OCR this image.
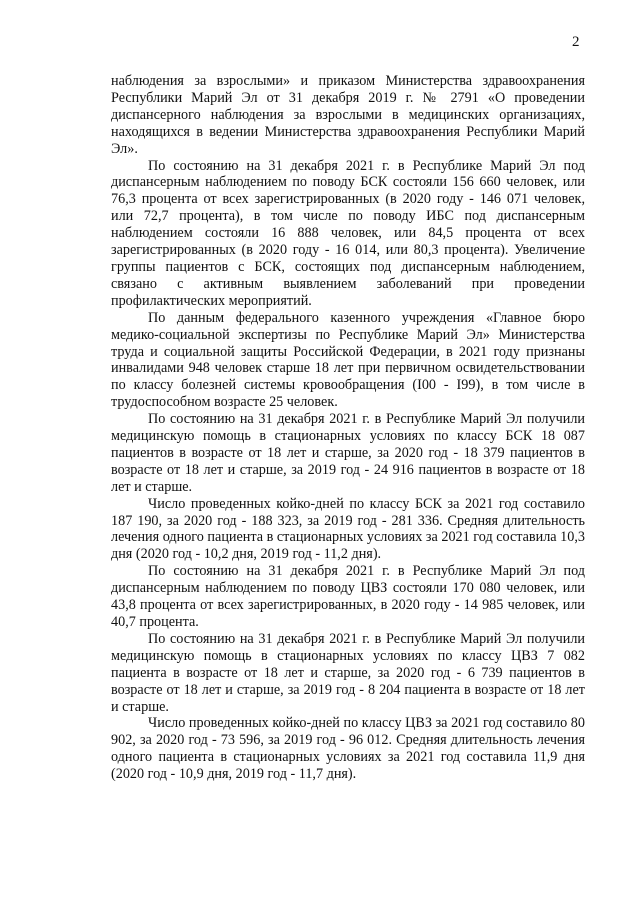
2

наблюдения за взрослыми» и приказом Министерства здравоохранения Республики Марий Эл от 31 декабря 2019 г. № 2791 «О проведении диспансерного наблюдения за взрослыми в медицинских организациях, находящихся в ведении Министерства здравоохранения Республики Марий Эл».

По состоянию на 31 декабря 2021 г. в Республике Марий Эл под диспансерным наблюдением по поводу БСК состояли 156 660 человек, или 76,3 процента от всех зарегистрированных (в 2020 году - 146 071 человек, или 72,7 процента), в том числе по поводу ИБС под диспансерным наблюдением состояли 16 888 человек, или 84,5 процента от всех зарегистрированных (в 2020 году - 16 014, или 80,3 процента). Увеличение группы пациентов с БСК, состоящих под диспансерным наблюдением, связано с активным выявлением заболеваний при проведении профилактических мероприятий.

По данным федерального казенного учреждения «Главное бюро медико-социальной экспертизы по Республике Марий Эл» Министерства труда и социальной защиты Российской Федерации, в 2021 году признаны инвалидами 948 человек старше 18 лет при первичном освидетельствовании по классу болезней системы кровообращения (I00 - I99), в том числе в трудоспособном возрасте 25 человек.

По состоянию на 31 декабря 2021 г. в Республике Марий Эл получили медицинскую помощь в стационарных условиях по классу БСК 18 087 пациентов в возрасте от 18 лет и старше, за 2020 год - 18 379 пациентов в возрасте от 18 лет и старше, за 2019 год - 24 916 пациентов в возрасте от 18 лет и старше.

Число проведенных койко-дней по классу БСК за 2021 год составило 187 190, за 2020 год - 188 323, за 2019 год - 281 336. Средняя длительность лечения одного пациента в стационарных условиях за 2021 год составила 10,3 дня (2020 год - 10,2 дня, 2019 год - 11,2 дня).

По состоянию на 31 декабря 2021 г. в Республике Марий Эл под диспансерным наблюдением по поводу ЦВЗ состояли 170 080 человек, или 43,8 процента от всех зарегистрированных, в 2020 году - 14 985 человек, или 40,7 процента.

По состоянию на 31 декабря 2021 г. в Республике Марий Эл получили медицинскую помощь в стационарных условиях по классу ЦВЗ 7 082 пациента в возрасте от 18 лет и старше, за 2020 год - 6 739 пациентов в возрасте от 18 лет и старше, за 2019 год - 8 204 пациента в возрасте от 18 лет и старше.

Число проведенных койко-дней по классу ЦВЗ за 2021 год составило 80 902, за 2020 год - 73 596, за 2019 год - 96 012. Средняя длительность лечения одного пациента в стационарных условиях за 2021 год составила 11,9 дня (2020 год - 10,9 дня, 2019 год - 11,7 дня).
